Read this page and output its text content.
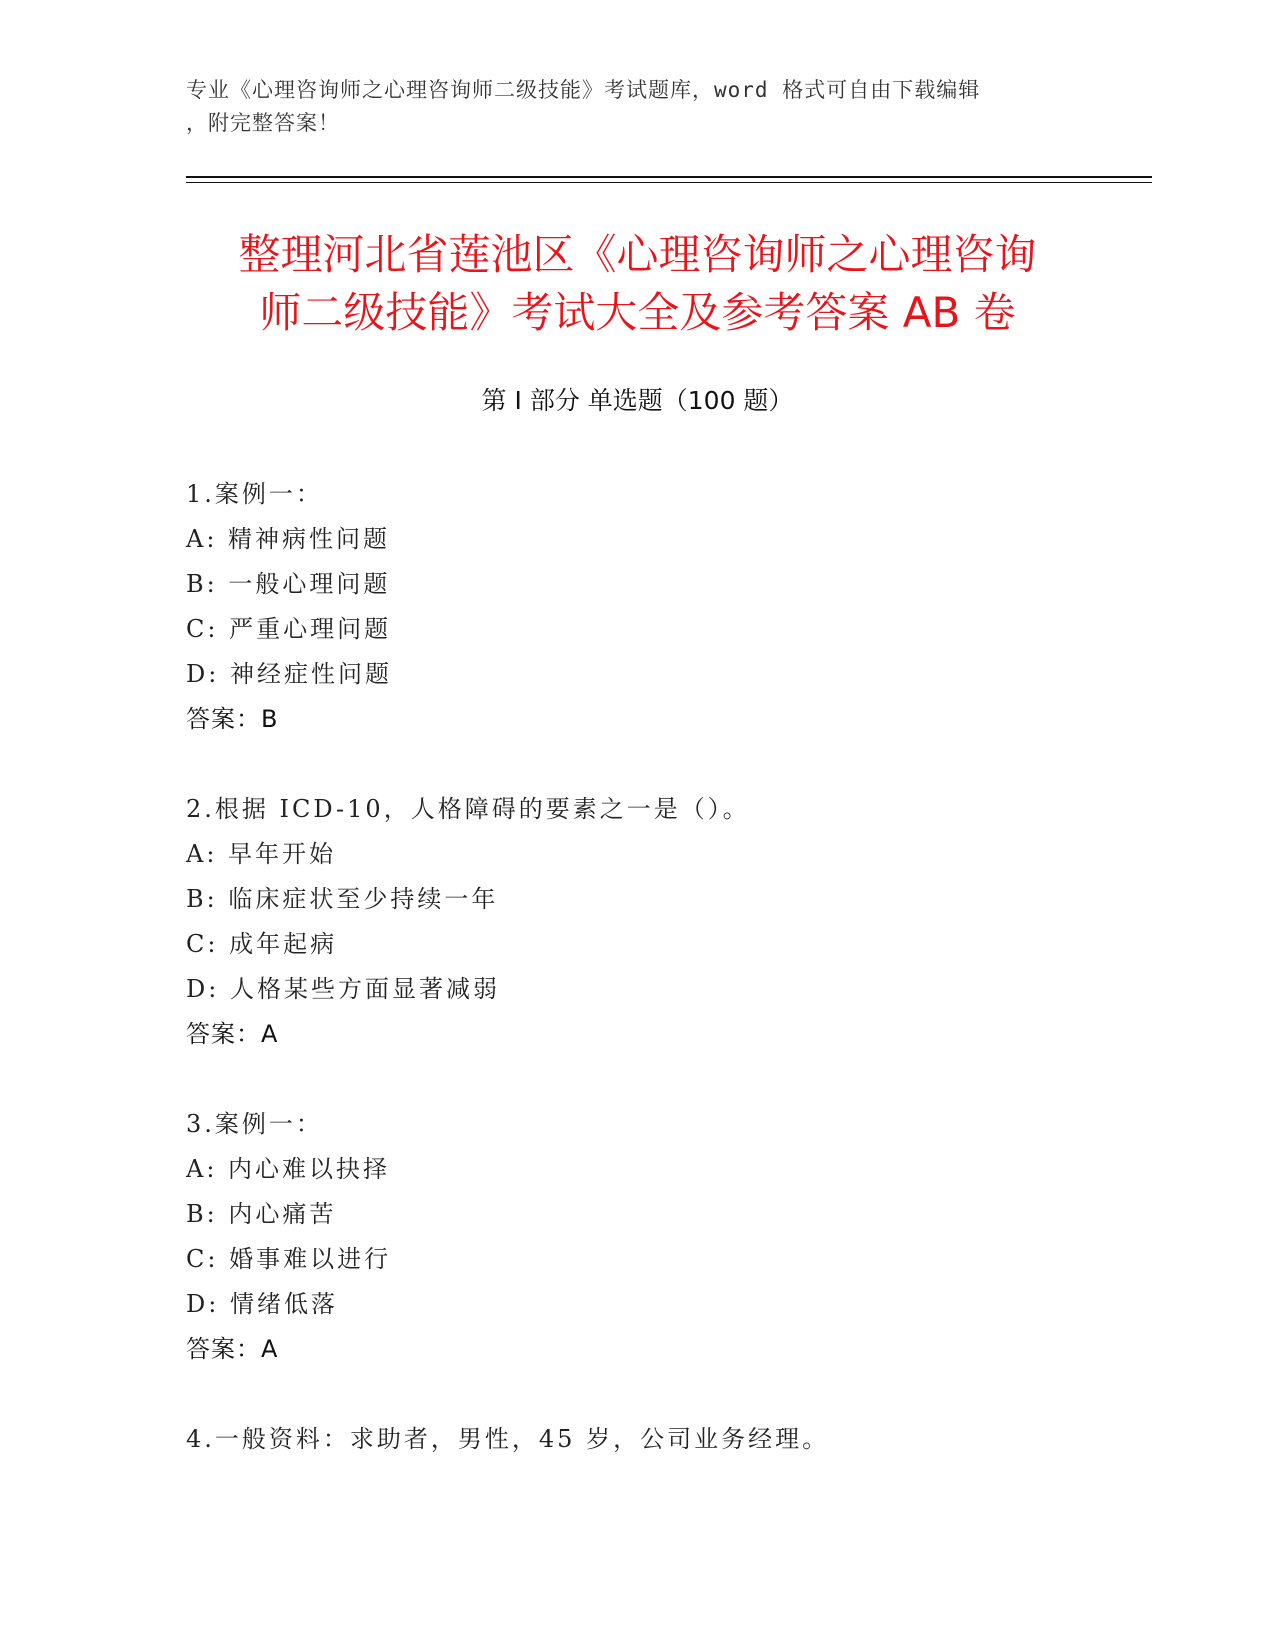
专业《心理咨询师之心理咨询师二级技能》考试题库，word 格式可自由下载编辑
，附完整答案！
整理河北省莲池区《心理咨询师之心理咨询
师二级技能》考试大全及参考答案 AB 卷
第 I 部分 单选题（100 题）
1.案例一：
A: 精神病性问题
B: 一般心理问题
C: 严重心理问题
D: 神经症性问题
答案：B
2.根据 ICD-10，人格障碍的要素之一是（）。
A: 早年开始
B: 临床症状至少持续一年
C: 成年起病
D: 人格某些方面显著减弱
答案：A
3.案例一：
A: 内心难以抉择
B: 内心痛苦
C: 婚事难以进行
D: 情绪低落
答案：A
4.一般资料：求助者，男性，45 岁，公司业务经理。
